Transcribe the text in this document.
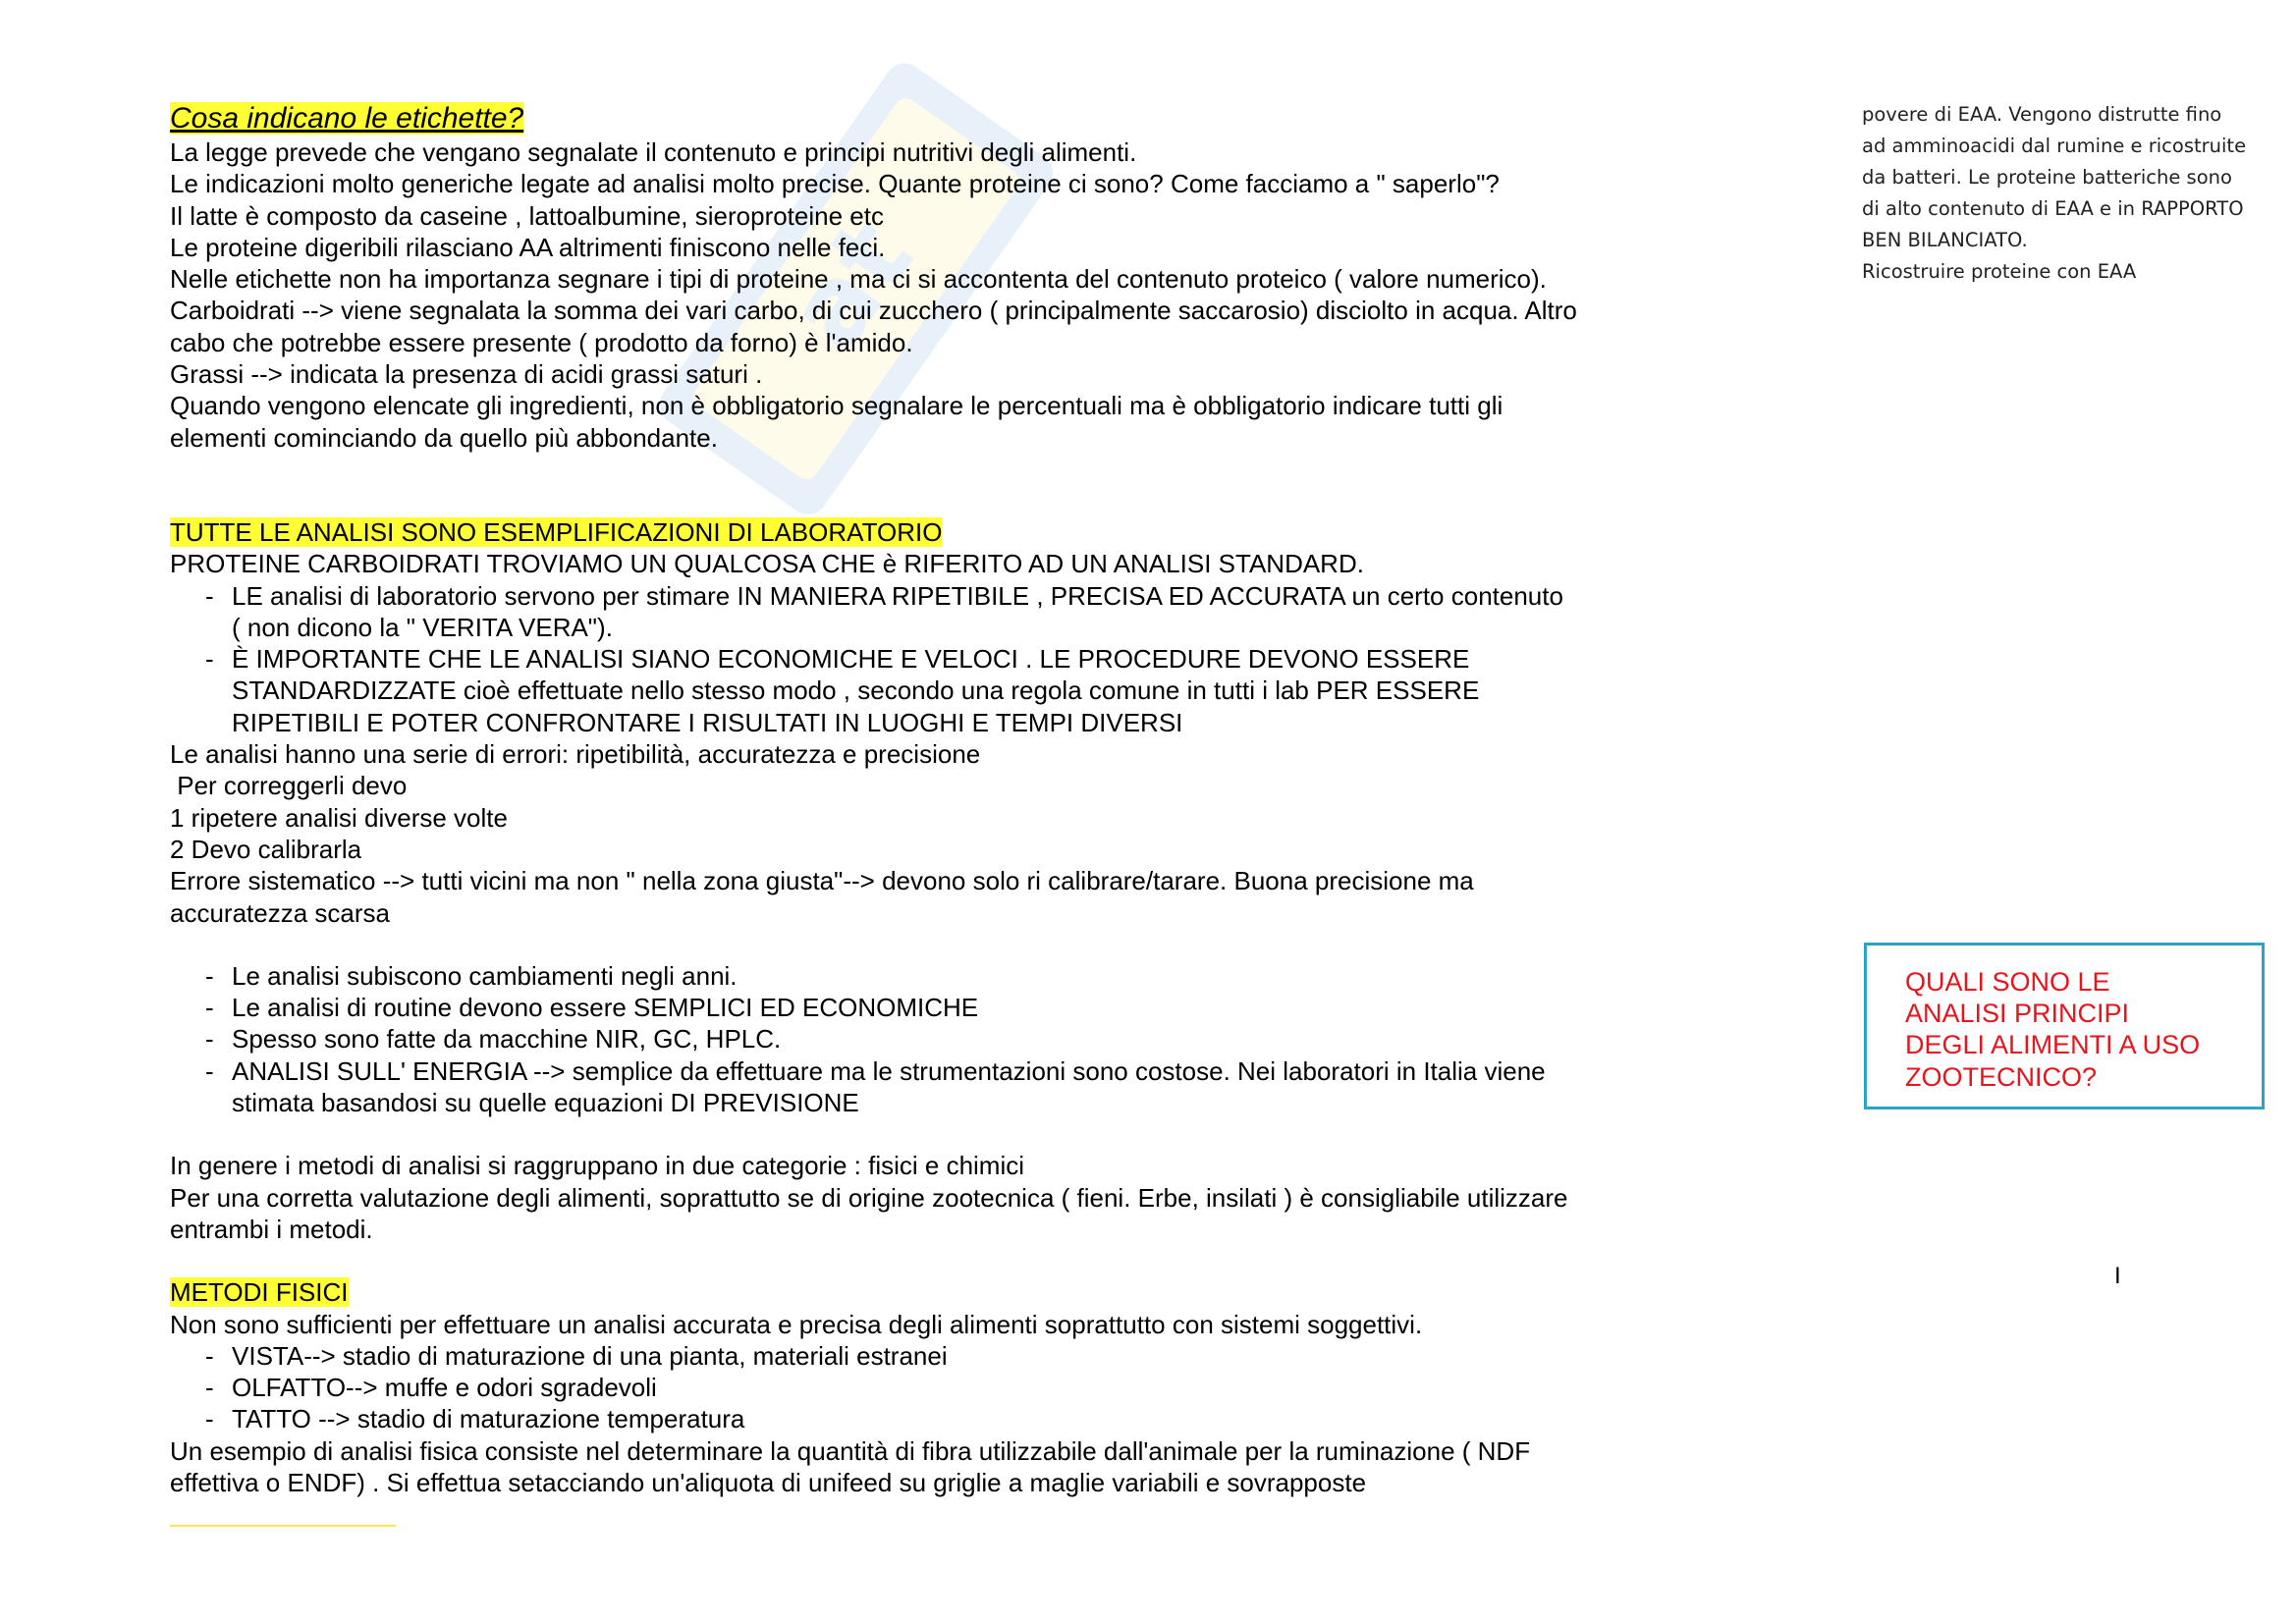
at

Cosa indicano le etichette?

La legge prevede che vengano segnalate il contenuto e principi nutritivi degli alimenti.

Le indicazioni molto generiche legate ad analisi molto precise. Quante proteine ci sono? Come facciamo a " saperlo"?

Il latte è composto da caseine , lattoalbumine, sieroproteine etc

Le proteine digeribili rilasciano AA altrimenti finiscono nelle feci.

Nelle etichette non ha importanza segnare i tipi di proteine , ma ci si accontenta del contenuto proteico ( valore numerico).

Carboidrati --> viene segnalata la somma dei vari carbo, di cui zucchero ( principalmente saccarosio) disciolto in acqua. Altro

cabo che potrebbe essere presente ( prodotto da forno) è l'amido.

Grassi --> indicata la presenza di acidi grassi saturi .

Quando vengono elencate gli ingredienti, non è obbligatorio segnalare le percentuali ma è obbligatorio indicare tutti gli

elementi cominciando da quello più abbondante.

TUTTE LE ANALISI SONO ESEMPLIFICAZIONI DI LABORATORIO

PROTEINE CARBOIDRATI TROVIAMO UN QUALCOSA CHE è RIFERITO AD UN ANALISI STANDARD.

- LE analisi di laboratorio servono per stimare IN MANIERA RIPETIBILE , PRECISA ED ACCURATA un certo contenuto
( non dicono la " VERITA VERA").
- È IMPORTANTE CHE LE ANALISI SIANO ECONOMICHE E VELOCI . LE PROCEDURE DEVONO ESSERE
STANDARDIZZATE cioè effettuate nello stesso modo , secondo una regola comune in tutti i lab PER ESSERE
RIPETIBILI E POTER CONFRONTARE I RISULTATI IN LUOGHI E TEMPI DIVERSI

Le analisi hanno una serie di errori: ripetibilità, accuratezza e precisione

Per correggerli devo

1 ripetere analisi diverse volte

2 Devo calibrarla

Errore sistematico --> tutti vicini ma non " nella zona giusta"--> devono solo ri calibrare/tarare. Buona precisione ma

accuratezza scarsa

- Le analisi subiscono cambiamenti negli anni.
- Le analisi di routine devono essere SEMPLICI ED ECONOMICHE
- Spesso sono fatte da macchine NIR, GC, HPLC.
- ANALISI SULL' ENERGIA --> semplice da effettuare ma le strumentazioni sono costose. Nei laboratori in Italia viene
stimata basandosi su quelle equazioni DI PREVISIONE

In genere i metodi di analisi si raggruppano in due categorie : fisici e chimici

Per una corretta valutazione degli alimenti, soprattutto se di origine zootecnica ( fieni. Erbe, insilati ) è consigliabile utilizzare

entrambi i metodi.

METODI FISICI

Non sono sufficienti per effettuare un analisi accurata e precisa degli alimenti soprattutto con sistemi soggettivi.

- VISTA--> stadio di maturazione di una pianta, materiali estranei
- OLFATTO--> muffe e odori sgradevoli
- TATTO --> stadio di maturazione temperatura

Un esempio di analisi fisica consiste nel determinare la quantità di fibra utilizzabile dall'animale per la ruminazione ( NDF

effettiva o ENDF) . Si effettua setacciando un'aliquota di unifeed su griglie a maglie variabili e sovrapposte

povere di EAA. Vengono distrutte fino

ad amminoacidi dal rumine e ricostruite

da batteri. Le proteine batteriche sono

di alto contenuto di EAA e in RAPPORTO

BEN BILANCIATO.

Ricostruire proteine con EAA

QUALI SONO LE

ANALISI PRINCIPI

DEGLI ALIMENTI A USO

ZOOTECNICO?

I
